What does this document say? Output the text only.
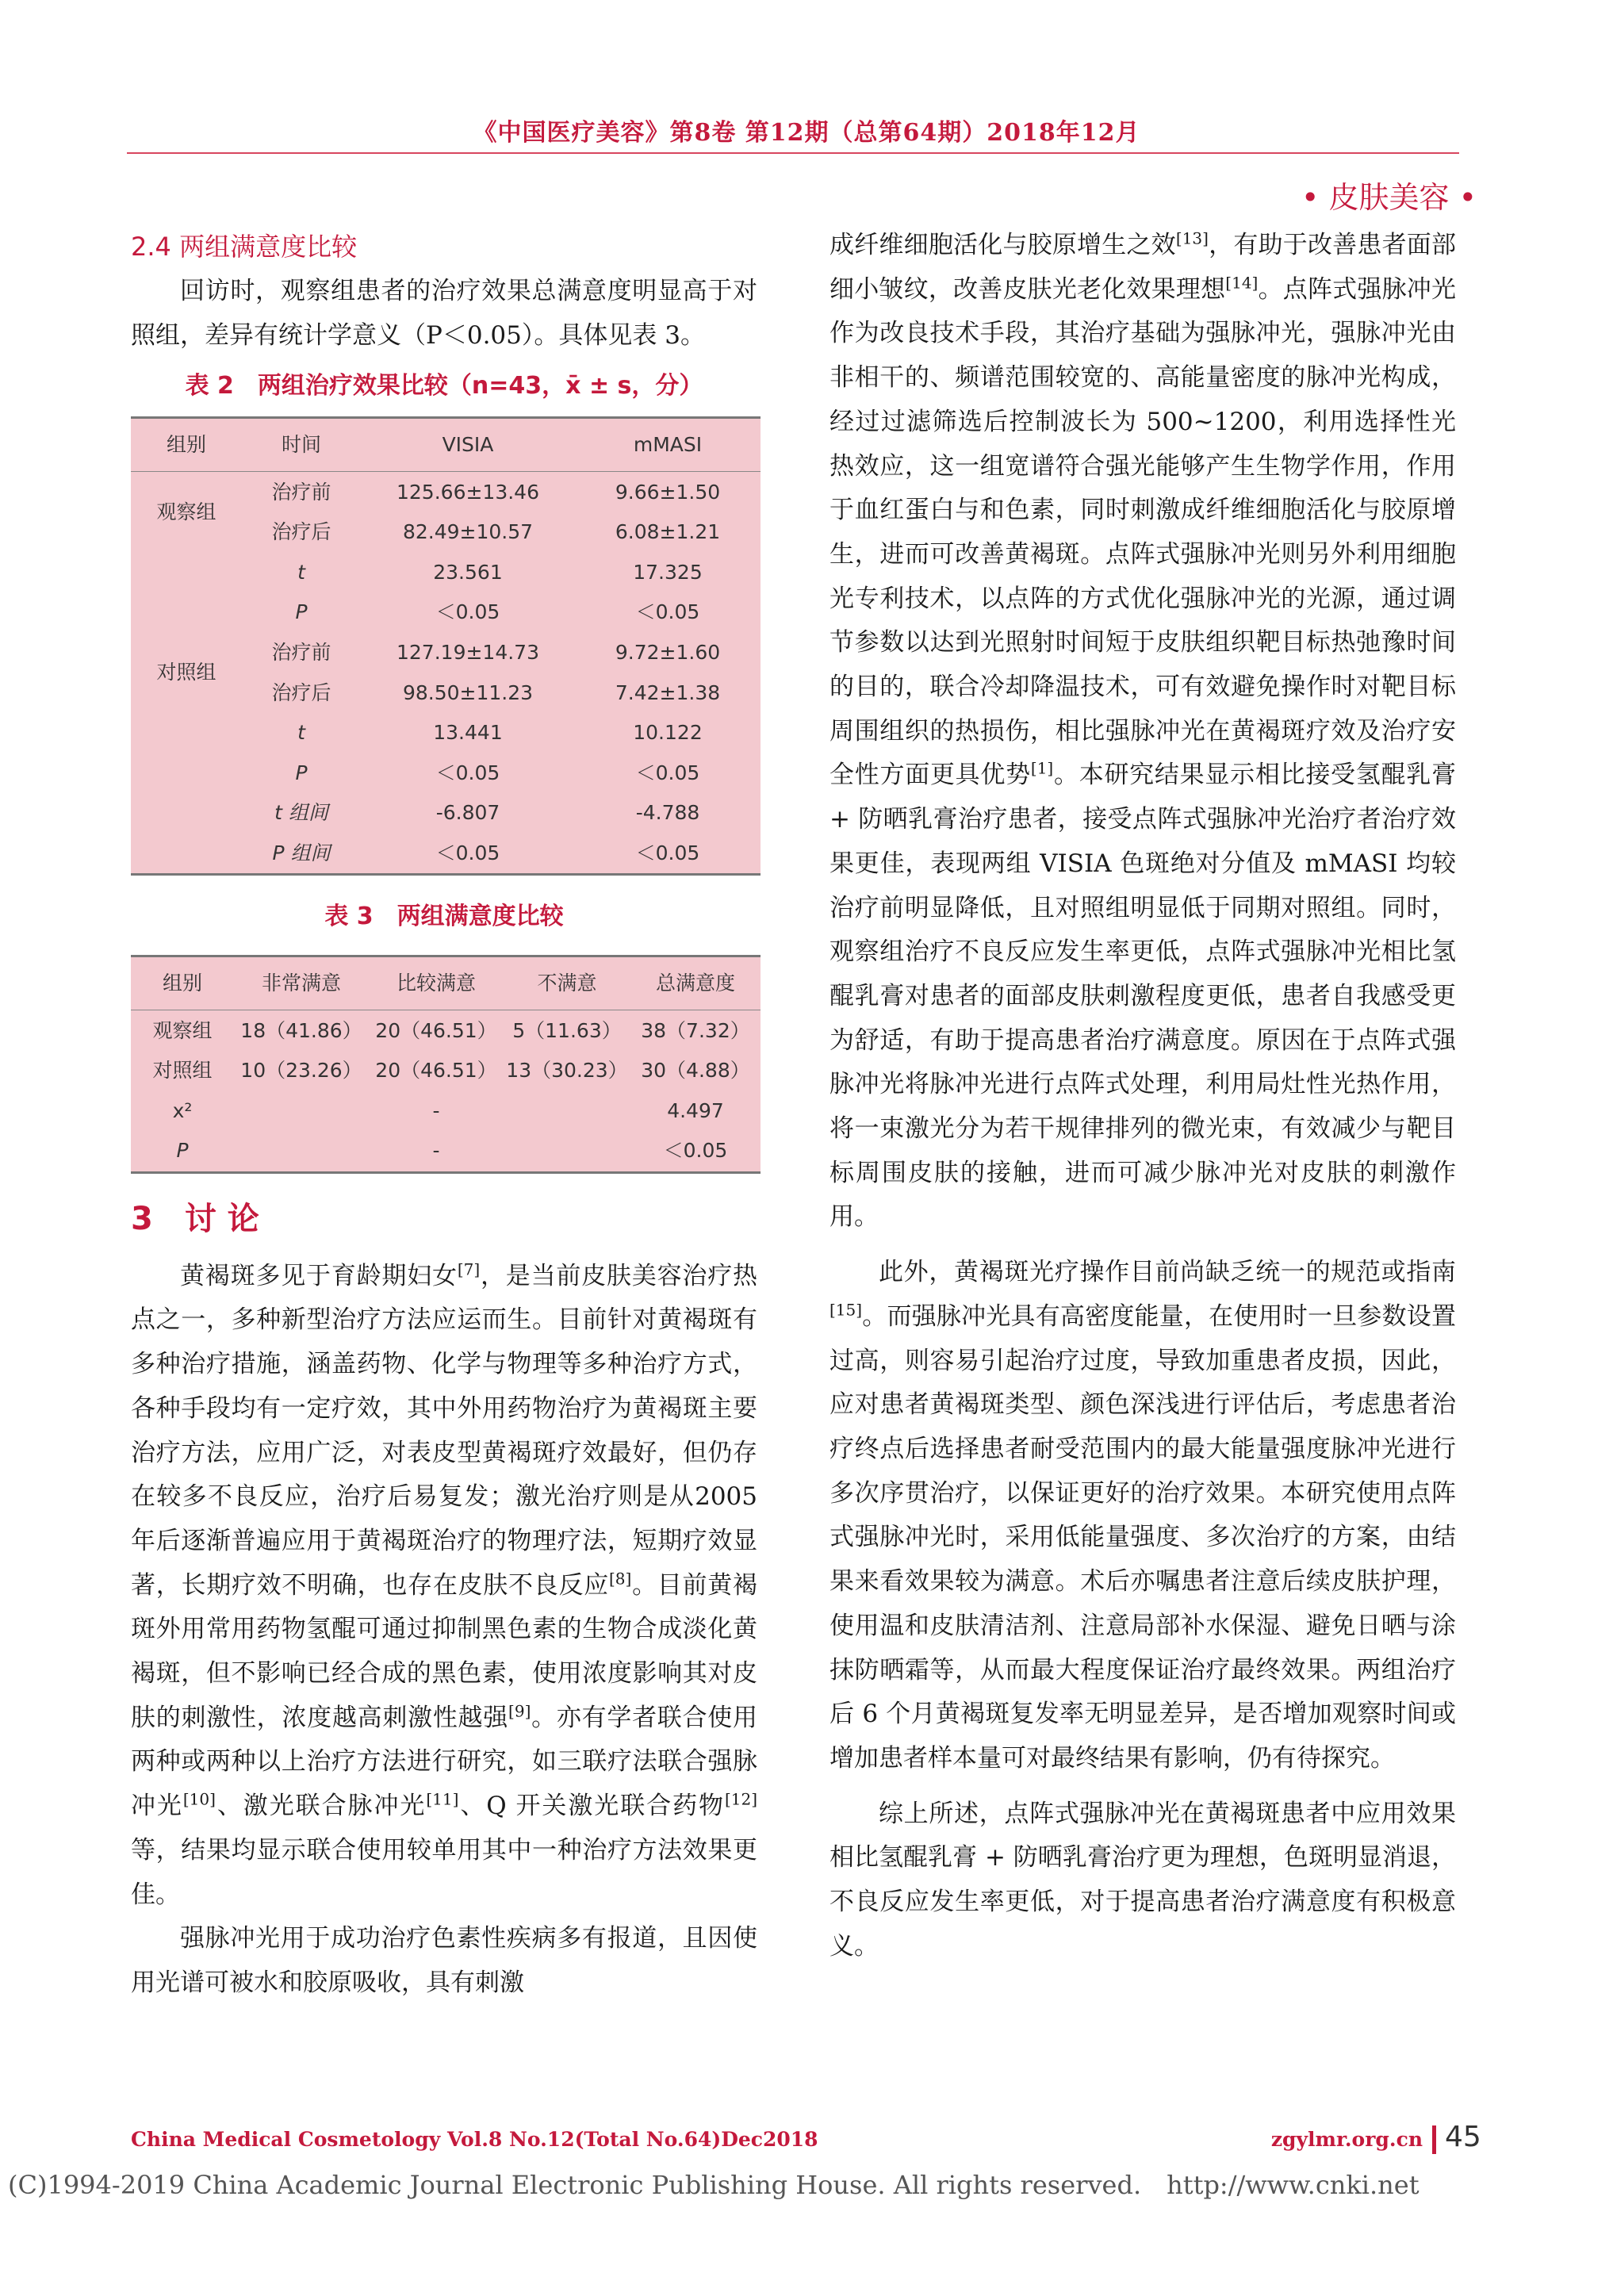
《中国医疗美容》第8卷 第12期（总第64期）2018年12月
• 皮肤美容 •

2.4 两组满意度比较

回访时，观察组患者的治疗效果总满意度明显高于对照组，差异有统计学意义（P＜0.05）。具体见表 3。

表 2　两组治疗效果比较（n=43，x̄ ± s，分）
组别	时间	VISIA	mMASI
观察组	治疗前	125.66±13.46	9.66±1.50
	治疗后	82.49±10.57	6.08±1.21
	t	23.561	17.325
	P	＜0.05	＜0.05
对照组	治疗前	127.19±14.73	9.72±1.60
	治疗后	98.50±11.23	7.42±1.38
	t	13.441	10.122
	P	＜0.05	＜0.05
	t 组间	-6.807	-4.788
	P 组间	＜0.05	＜0.05
表 3　两组满意度比较
组别	非常满意	比较满意	不满意	总满意度
观察组	18（41.86）	20（46.51）	5（11.63）	38（7.32）
对照组	10（23.26）	20（46.51）	13（30.23）	30（4.88）
x²		-		4.497
P		-		＜0.05

3　讨 论

黄褐斑多见于育龄期妇女[7]，是当前皮肤美容治疗热点之一，多种新型治疗方法应运而生。目前针对黄褐斑有多种治疗措施，涵盖药物、化学与物理等多种治疗方式，各种手段均有一定疗效，其中外用药物治疗为黄褐斑主要治疗方法，应用广泛，对表皮型黄褐斑疗效最好，但仍存在较多不良反应，治疗后易复发；激光治疗则是从2005年后逐渐普遍应用于黄褐斑治疗的物理疗法，短期疗效显著，长期疗效不明确，也存在皮肤不良反应[8]。目前黄褐斑外用常用药物氢醌可通过抑制黑色素的生物合成淡化黄褐斑，但不影响已经合成的黑色素，使用浓度影响其对皮肤的刺激性，浓度越高刺激性越强[9]。亦有学者联合使用两种或两种以上治疗方法进行研究，如三联疗法联合强脉冲光[10]、激光联合脉冲光[11]、Q 开关激光联合药物[12]等，结果均显示联合使用较单用其中一种治疗方法效果更佳。

强脉冲光用于成功治疗色素性疾病多有报道，且因使用光谱可被水和胶原吸收，具有刺激

成纤维细胞活化与胶原增生之效[13]，有助于改善患者面部细小皱纹，改善皮肤光老化效果理想[14]。点阵式强脉冲光作为改良技术手段，其治疗基础为强脉冲光，强脉冲光由非相干的、频谱范围较宽的、高能量密度的脉冲光构成，经过过滤筛选后控制波长为 500~1200，利用选择性光热效应，这一组宽谱符合强光能够产生生物学作用，作用于血红蛋白与和色素，同时刺激成纤维细胞活化与胶原增生，进而可改善黄褐斑。点阵式强脉冲光则另外利用细胞光专利技术，以点阵的方式优化强脉冲光的光源，通过调节参数以达到光照射时间短于皮肤组织靶目标热弛豫时间的目的，联合冷却降温技术，可有效避免操作时对靶目标周围组织的热损伤，相比强脉冲光在黄褐斑疗效及治疗安全性方面更具优势[1]。本研究结果显示相比接受氢醌乳膏 + 防晒乳膏治疗患者，接受点阵式强脉冲光治疗者治疗效果更佳，表现两组 VISIA 色斑绝对分值及 mMASI 均较治疗前明显降低，且对照组明显低于同期对照组。同时，观察组治疗不良反应发生率更低，点阵式强脉冲光相比氢醌乳膏对患者的面部皮肤刺激程度更低，患者自我感受更为舒适，有助于提高患者治疗满意度。原因在于点阵式强脉冲光将脉冲光进行点阵式处理，利用局灶性光热作用，将一束激光分为若干规律排列的微光束，有效减少与靶目标周围皮肤的接触，进而可减少脉冲光对皮肤的刺激作用。

此外，黄褐斑光疗操作目前尚缺乏统一的规范或指南[15]。而强脉冲光具有高密度能量，在使用时一旦参数设置过高，则容易引起治疗过度，导致加重患者皮损，因此，应对患者黄褐斑类型、颜色深浅进行评估后，考虑患者治疗终点后选择患者耐受范围内的最大能量强度脉冲光进行多次序贯治疗，以保证更好的治疗效果。本研究使用点阵式强脉冲光时，采用低能量强度、多次治疗的方案，由结果来看效果较为满意。术后亦嘱患者注意后续皮肤护理，使用温和皮肤清洁剂、注意局部补水保湿、避免日晒与涂抹防晒霜等，从而最大程度保证治疗最终效果。两组治疗后 6 个月黄褐斑复发率无明显差异，是否增加观察时间或增加患者样本量可对最终结果有影响，仍有待探究。

综上所述，点阵式强脉冲光在黄褐斑患者中应用效果相比氢醌乳膏 + 防晒乳膏治疗更为理想，色斑明显消退，不良反应发生率更低，对于提高患者治疗满意度有积极意义。

China Medical Cosmetology Vol.8 No.12(Total No.64)Dec2018	zgylmr.org.cn 45
(C)1994-2019 China Academic Journal Electronic Publishing House. All rights reserved.　http://www.cnki.net
